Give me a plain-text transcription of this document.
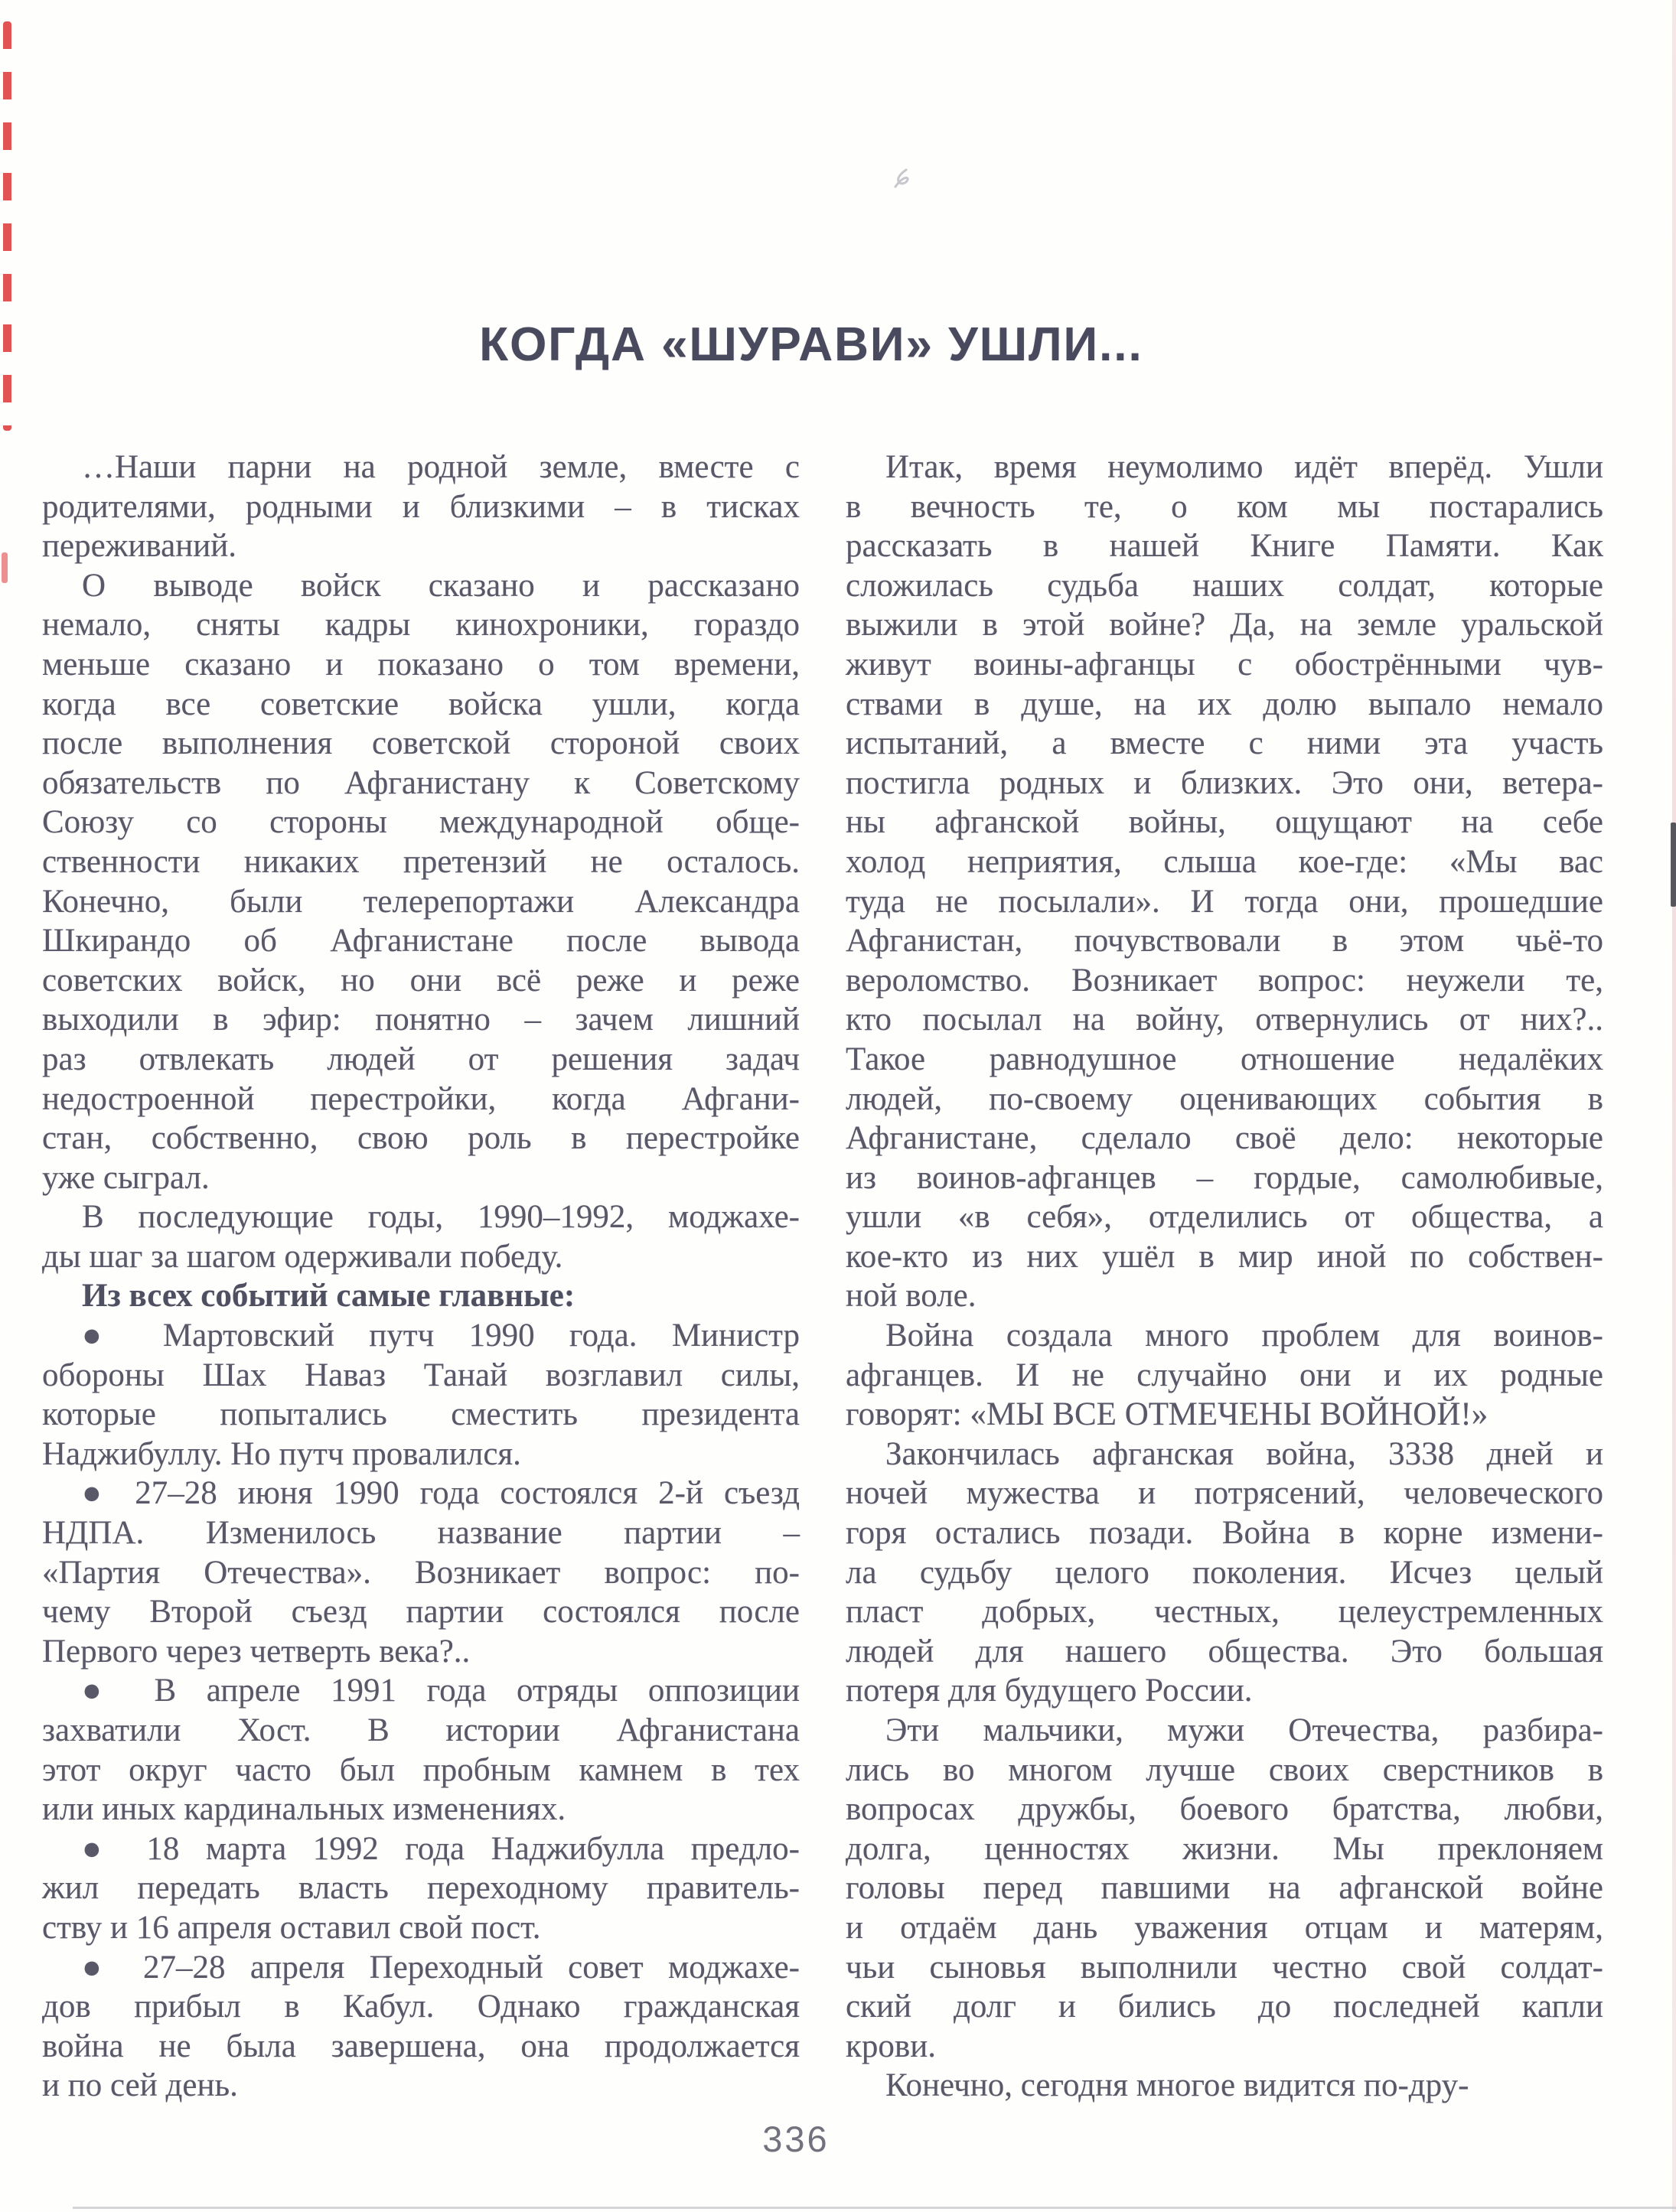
КОГДА «ШУРАВИ» УШЛИ...
…Наши парни на родной земле, вместе с
родителями, родными и близкими – в тисках
переживаний.
О выводе войск сказано и рассказано
немало, сняты кадры кинохроники, гораздо
меньше сказано и показано о том времени,
когда все советские войска ушли, когда
после выполнения советской стороной своих
обязательств по Афганистану к Советскому
Союзу со стороны международной обще-
ственности никаких претензий не осталось.
Конечно, были телерепортажи Александра
Шкирандо об Афганистане после вывода
советских войск, но они всё реже и реже
выходили в эфир: понятно – зачем лишний
раз отвлекать людей от решения задач
недостроенной перестройки, когда Афгани-
стан, собственно, свою роль в перестройке
уже сыграл.
В последующие годы, 1990–1992, моджахе-
ды шаг за шагом одерживали победу.
Из всех событий самые главные:
● Мартовский путч 1990 года. Министр
обороны Шах Наваз Танай возглавил силы,
которые попытались сместить президента
Наджибуллу. Но путч провалился.
● 27–28 июня 1990 года состоялся 2-й съезд
НДПА. Изменилось название партии –
«Партия Отечества». Возникает вопрос: по-
чему Второй съезд партии состоялся после
Первого через четверть века?..
● В апреле 1991 года отряды оппозиции
захватили Хост. В истории Афганистана
этот округ часто был пробным камнем в тех
или иных кардинальных изменениях.
● 18 марта 1992 года Наджибулла предло-
жил передать власть переходному правитель-
ству и 16 апреля оставил свой пост.
● 27–28 апреля Переходный совет моджахе-
дов прибыл в Кабул. Однако гражданская
война не была завершена, она продолжается
и по сей день.
Итак, время неумолимо идёт вперёд. Ушли
в вечность те, о ком мы постарались
рассказать в нашей Книге Памяти. Как
сложилась судьба наших солдат, которые
выжили в этой войне? Да, на земле уральской
живут воины-афганцы с обострёнными чув-
ствами в душе, на их долю выпало немало
испытаний, а вместе с ними эта участь
постигла родных и близких. Это они, ветера-
ны афганской войны, ощущают на себе
холод неприятия, слыша кое-где: «Мы вас
туда не посылали». И тогда они, прошедшие
Афганистан, почувствовали в этом чьё-то
вероломство. Возникает вопрос: неужели те,
кто посылал на войну, отвернулись от них?..
Такое равнодушное отношение недалёких
людей, по-своему оценивающих события в
Афганистане, сделало своё дело: некоторые
из воинов-афганцев – гордые, самолюбивые,
ушли «в себя», отделились от общества, а
кое-кто из них ушёл в мир иной по собствен-
ной воле.
Война создала много проблем для воинов-
афганцев. И не случайно они и их родные
говорят: «МЫ ВСЕ ОТМЕЧЕНЫ ВОЙНОЙ!»
Закончилась афганская война, 3338 дней и
ночей мужества и потрясений, человеческого
горя остались позади. Война в корне измени-
ла судьбу целого поколения. Исчез целый
пласт добрых, честных, целеустремленных
людей для нашего общества. Это большая
потеря для будущего России.
Эти мальчики, мужи Отечества, разбира-
лись во многом лучше своих сверстников в
вопросах дружбы, боевого братства, любви,
долга, ценностях жизни. Мы преклоняем
головы перед павшими на афганской войне
и отдаём дань уважения отцам и матерям,
чьи сыновья выполнили честно свой солдат-
ский долг и бились до последней капли
крови.
Конечно, сегодня многое видится по-дру-
336
